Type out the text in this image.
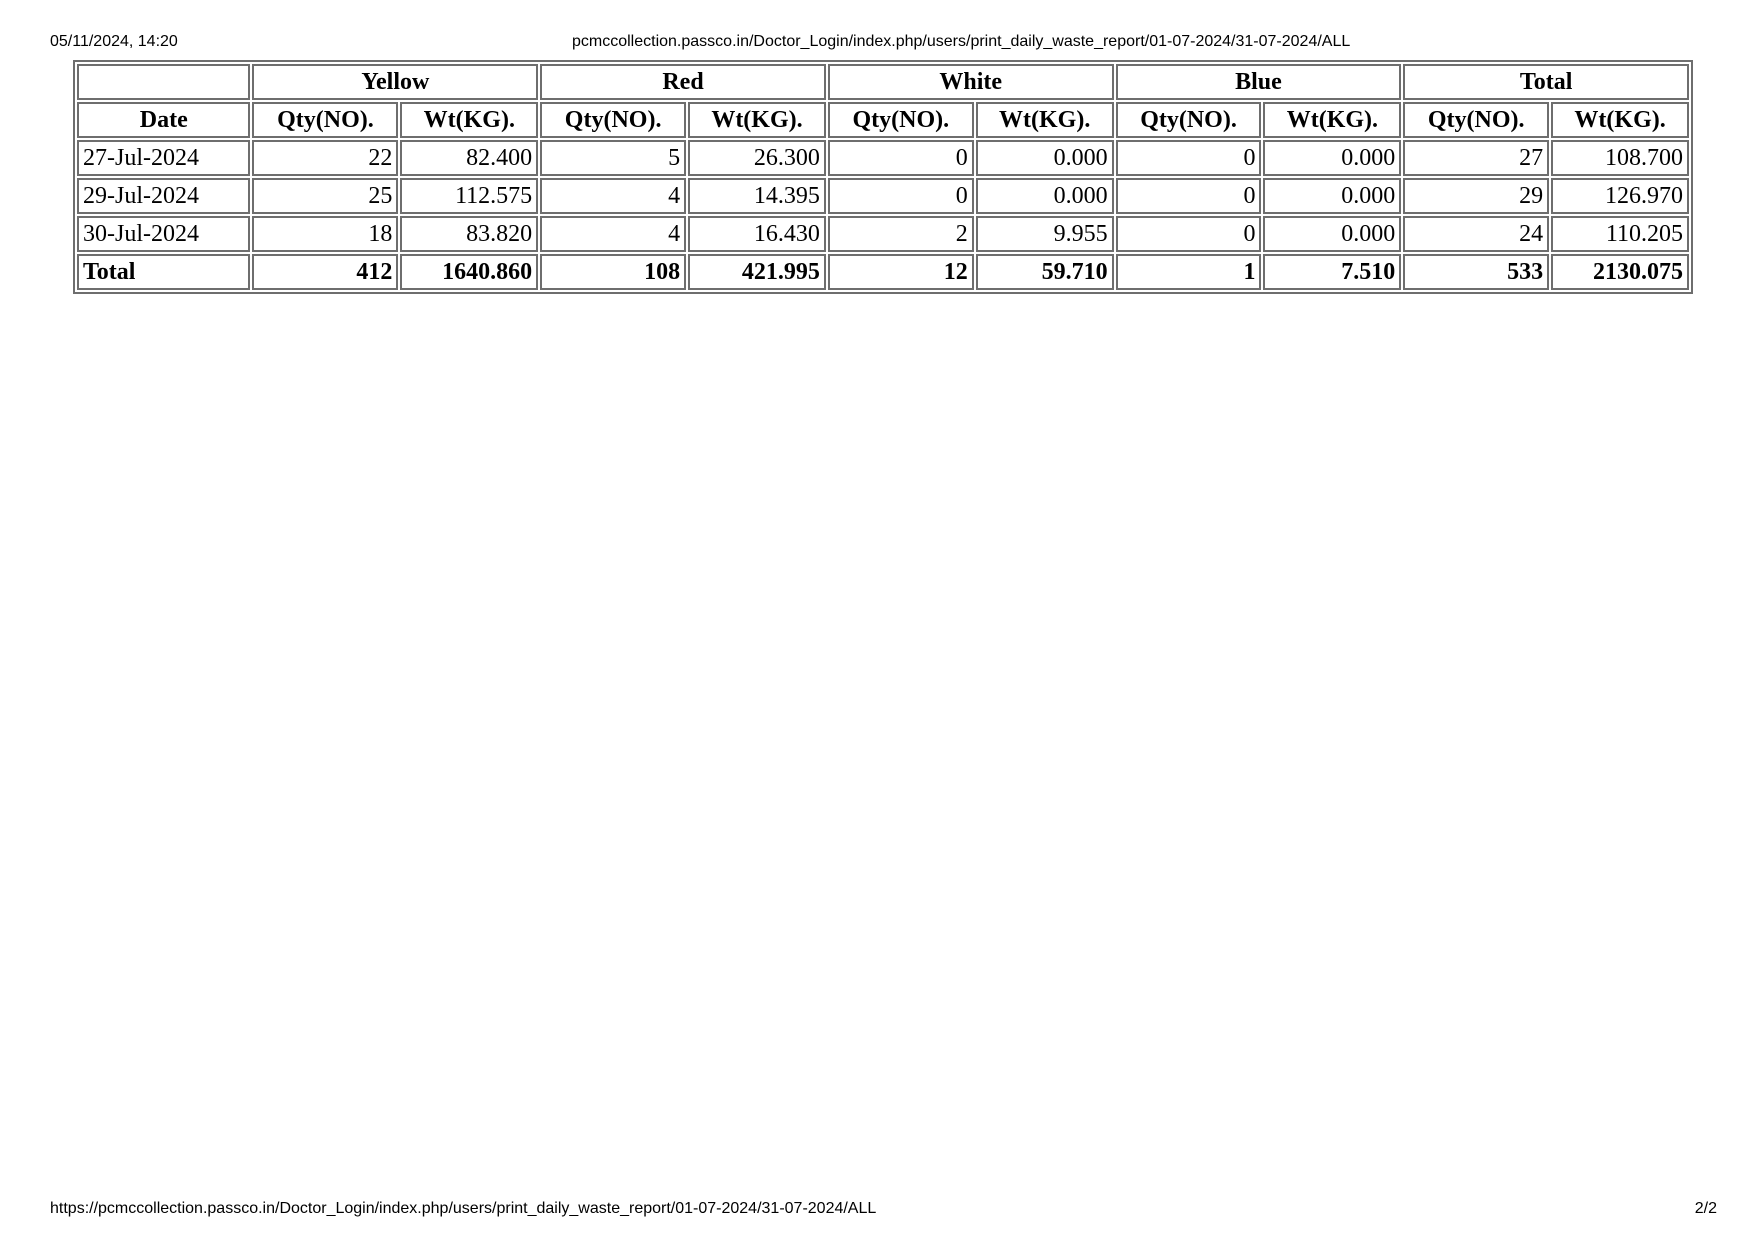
05/11/2024, 14:20	pcmccollection.passco.in/Doctor_Login/index.php/users/print_daily_waste_report/01-07-2024/31-07-2024/ALL
	Yellow		Red		White		Blue		Total	
Date	Qty(NO).	Wt(KG).	Qty(NO).	Wt(KG).	Qty(NO).	Wt(KG).	Qty(NO).	Wt(KG).	Qty(NO).	Wt(KG).
27-Jul-2024	22	82.400	5	26.300	0	0.000	0	0.000	27	108.700
29-Jul-2024	25	112.575	4	14.395	0	0.000	0	0.000	29	126.970
30-Jul-2024	18	83.820	4	16.430	2	9.955	0	0.000	24	110.205
Total	412	1640.860	108	421.995	12	59.710	1	7.510	533	2130.075
https://pcmccollection.passco.in/Doctor_Login/index.php/users/print_daily_waste_report/01-07-2024/31-07-2024/ALL	2/2
